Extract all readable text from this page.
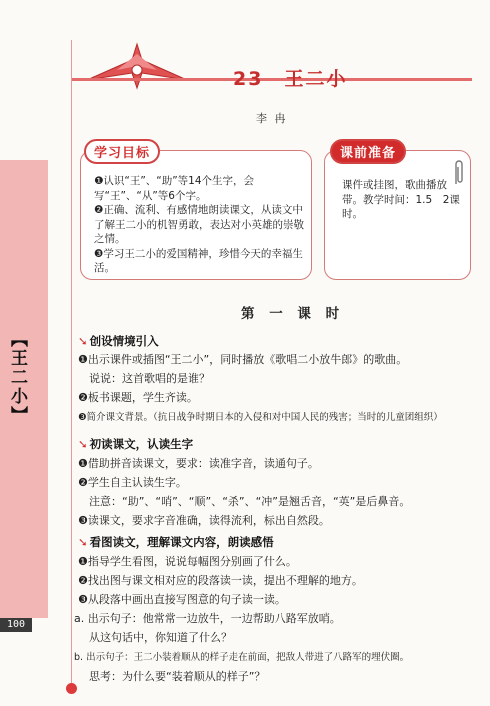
【王二小】
100
23　王二小
李 冉
学习目标
❶认识“王”、“助”等14个生字，会写“王”、“从”等6个字。
❷正确、流利、有感情地朗读课文，从读文中了解王二小的机智勇敢，表达对小英雄的崇敬之情。
❸学习王二小的爱国精神，珍惜今天的幸福生活。
课前准备
课件或挂图，歌曲播放带。教学时间：1.5　2课时。
第 一 课 时
➘ 创设情境引入
❶出示课件或插图“王二小”，同时播放《歌唱二小放牛郎》的歌曲。
　说说：这首歌唱的是谁？
❷板书课题，学生齐读。
❸简介课文背景。（抗日战争时期日本的入侵和对中国人民的残害；当时的儿童团组织）
➘ 初读课文，认读生字
❶借助拼音读课文，要求：读准字音，读通句子。
❷学生自主认读生字。
　注意：“助”、“哨”、“顺”、“杀”、“冲”是翘舌音，“英”是后鼻音。
❸读课文，要求字音准确，读得流利，标出自然段。
➘ 看图读文，理解课文内容，朗读感悟
❶指导学生看图，说说每幅图分别画了什么。
❷找出图与课文相对应的段落读一读，提出不理解的地方。
❸从段落中画出直接写图意的句子读一读。
a. 出示句子：他常常一边放牛，一边帮助八路军放哨。
　从这句话中，你知道了什么？
b. 出示句子：王二小装着顺从的样子走在前面，把敌人带进了八路军的埋伏圈。
　思考：为什么要“装着顺从的样子”？
